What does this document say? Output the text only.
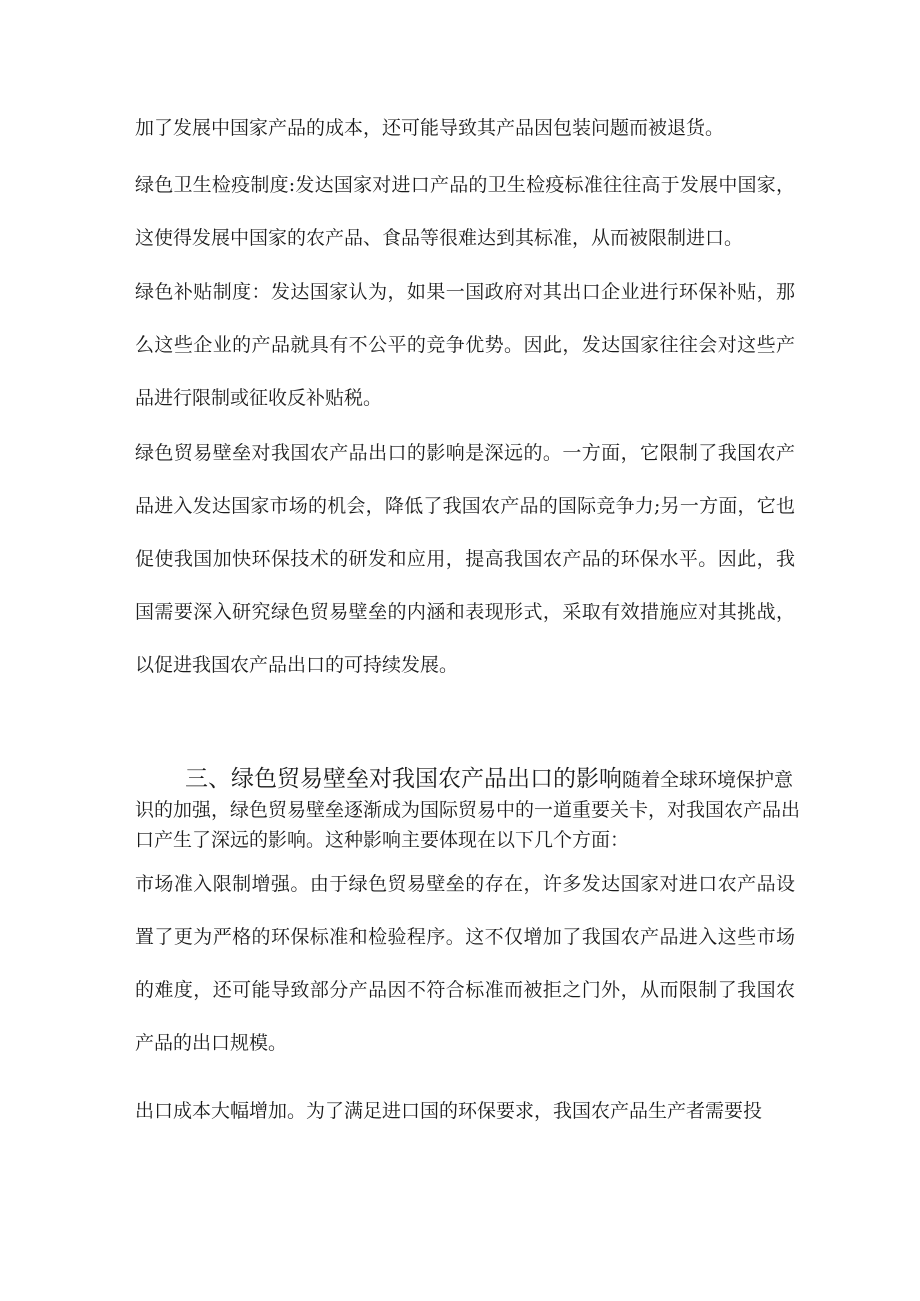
加了发展中国家产品的成本，还可能导致其产品因包装问题而被退货。

绿色卫生检疫制度:发达国家对进口产品的卫生检疫标准往往高于发展中国家，这使得发展中国家的农产品、食品等很难达到其标准，从而被限制进口。

绿色补贴制度：发达国家认为，如果一国政府对其出口企业进行环保补贴，那么这些企业的产品就具有不公平的竞争优势。因此，发达国家往往会对这些产品进行限制或征收反补贴税。

绿色贸易壁垒对我国农产品出口的影响是深远的。一方面，它限制了我国农产品进入发达国家市场的机会，降低了我国农产品的国际竞争力;另一方面，它也促使我国加快环保技术的研发和应用，提高我国农产品的环保水平。因此，我国需要深入研究绿色贸易壁垒的内涵和表现形式，采取有效措施应对其挑战，以促进我国农产品出口的可持续发展。

三、绿色贸易壁垒对我国农产品出口的影响随着全球环境保护意识的加强，绿色贸易壁垒逐渐成为国际贸易中的一道重要关卡，对我国农产品出口产生了深远的影响。这种影响主要体现在以下几个方面：

市场准入限制增强。由于绿色贸易壁垒的存在，许多发达国家对进口农产品设置了更为严格的环保标准和检验程序。这不仅增加了我国农产品进入这些市场的难度，还可能导致部分产品因不符合标准而被拒之门外，从而限制了我国农产品的出口规模。

出口成本大幅增加。为了满足进口国的环保要求，我国农产品生产者需要投
